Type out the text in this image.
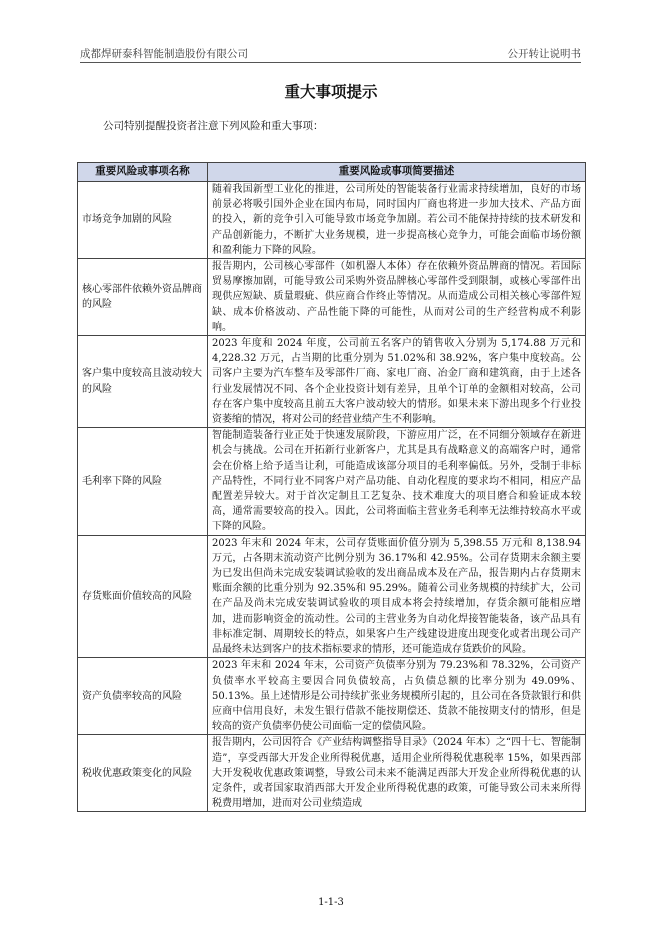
成都焊研泰科智能制造股份有限公司	公开转让说明书
重大事项提示
公司特别提醒投资者注意下列风险和重大事项：
重要风险或事项名称	重要风险或事项简要描述
市场竞争加剧的风险	随着我国新型工业化的推进，公司所处的智能装备行业需求持续增加，良好的市场前景必将吸引国外企业在国内布局，同时国内厂商也将进一步加大技术、产品方面的投入，新的竞争引入可能导致市场竞争加剧。若公司不能保持持续的技术研发和产品创新能力，不断扩大业务规模，进一步提高核心竞争力，可能会面临市场份额和盈利能力下降的风险。
核心零部件依赖外资品牌商的风险	报告期内，公司核心零部件（如机器人本体）存在依赖外资品牌商的情况。若国际贸易摩擦加剧，可能导致公司采购外资品牌核心零部件受到限制，或核心零部件出现供应短缺、质量瑕疵、供应商合作终止等情况。从而造成公司相关核心零部件短缺、成本价格波动、产品性能下降的可能性，从而对公司的生产经营构成不利影响。
客户集中度较高且波动较大的风险	2023 年度和 2024 年度，公司前五名客户的销售收入分别为 5,174.88 万元和 4,228.32 万元，占当期的比重分别为 51.02%和 38.92%，客户集中度较高。公司客户主要为汽车整车及零部件厂商、家电厂商、冶金厂商和建筑商，由于上述各行业发展情况不同、各个企业投资计划有差异，且单个订单的金额相对较高，公司存在客户集中度较高且前五大客户波动较大的情形。如果未来下游出现多个行业投资萎缩的情况，将对公司的经营业绩产生不利影响。
毛利率下降的风险	智能制造装备行业正处于快速发展阶段，下游应用广泛，在不同细分领域存在新进机会与挑战。公司在开拓新行业新客户，尤其是具有战略意义的高端客户时，通常会在价格上给予适当让利，可能造成该部分项目的毛利率偏低。另外，受制于非标产品特性，不同行业不同客户对产品功能、自动化程度的要求均不相同，相应产品配置差异较大。对于首次定制且工艺复杂、技术难度大的项目磨合和验证成本较高，通常需要较高的投入。因此，公司将面临主营业务毛利率无法维持较高水平或下降的风险。
存货账面价值较高的风险	2023 年末和 2024 年末，公司存货账面价值分别为 5,398.55 万元和 8,138.94 万元，占各期末流动资产比例分别为 36.17%和 42.95%。公司存货期末余额主要为已发出但尚未完成安装调试验收的发出商品成本及在产品，报告期内占存货期末账面余额的比重分别为 92.35%和 95.29%。随着公司业务规模的持续扩大，公司在产品及尚未完成安装调试验收的项目成本将会持续增加，存货余额可能相应增加，进而影响资金的流动性。公司的主营业务为自动化焊接智能装备，该产品具有非标准定制、周期较长的特点，如果客户生产线建设进度出现变化或者出现公司产品最终未达到客户的技术指标要求的情形，还可能造成存货跌价的风险。
资产负债率较高的风险	2023 年末和 2024 年末，公司资产负债率分别为 79.23%和 78.32%，公司资产负债率水平较高主要因合同负债较高，占负债总额的比率分别为 49.09%、50.13%。虽上述情形是公司持续扩张业务规模所引起的，且公司在各贷款银行和供应商中信用良好，未发生银行借款不能按期偿还、货款不能按期支付的情形，但是较高的资产负债率仍使公司面临一定的偿债风险。
税收优惠政策变化的风险	报告期内，公司因符合《产业结构调整指导目录》（2024 年本）之“四十七、智能制造”，享受西部大开发企业所得税优惠，适用企业所得税优惠税率 15%，如果西部大开发税收优惠政策调整，导致公司未来不能满足西部大开发企业所得税优惠的认定条件，或者国家取消西部大开发企业所得税优惠的政策，可能导致公司未来所得税费用增加，进而对公司业绩造成
1-1-3
